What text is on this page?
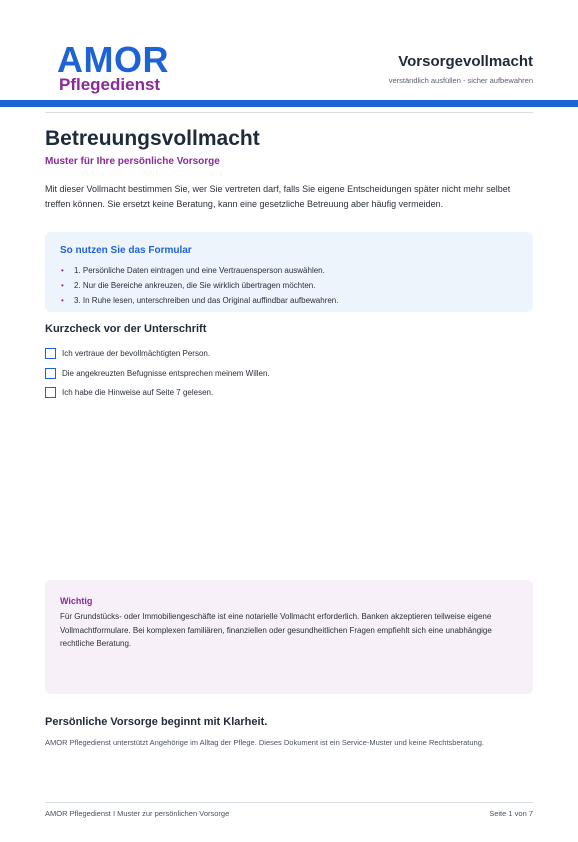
AMOR
Pflegedienst
Vorsorgevollmacht
verständlich ausfüllen - sicher aufbewahren
Betreuungsvollmacht
Muster für Ihre persönliche Vorsorge

Mit dieser Vollmacht bestimmen Sie, wer Sie vertreten darf, falls Sie eigene Entscheidungen später nicht mehr selbet treffen können. Sie ersetzt keine Beratung, kann eine gesetzliche Betreuung aber häufig vermeiden.

So nutzen Sie das Formular
• 1. Persönliche Daten eintragen und eine Vertrauensperson auswählen.
• 2. Nur die Bereiche ankreuzen, die Sie wirklich übertragen möchten.
• 3. In Ruhe lesen, unterschreiben und das Original auffindbar aufbewahren.
Kurzcheck vor der Unterschrift
Ich vertraue der bevollmächtigten Person.
Die angekreuzten Befugnisse entsprechen meinem Willen.
Ich habe die Hinweise auf Seite 7 gelesen.
Wichtig
Für Grundstücks- oder Immobiliengeschäfte ist eine notarielle Vollmacht erforderlich. Banken akzeptieren teilweise eigene Vollmachtformulare. Bei komplexen familiären, finanziellen oder gesundheitlichen Fragen empfiehlt sich eine unabhängige rechtliche Beratung.
Persönliche Vorsorge beginnt mit Klarheit.
AMOR Pflegedienst unterstützt Angehörige im Alltag der Pflege. Dieses Dokument ist ein Service-Muster und keine Rechtsberatung.
AMOR Pflegedienst I Muster zur persönlichen Vorsorge	Seite 1 von 7
